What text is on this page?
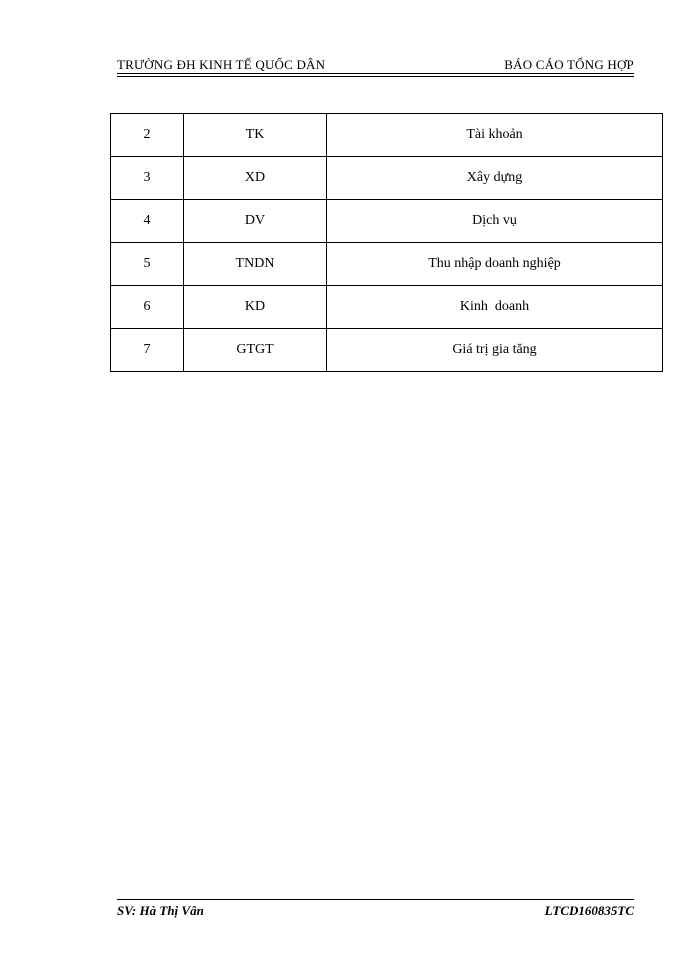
TRƯỜNG ĐH KINH TẾ QUỐC DÂN	BÁO CÁO TỔNG HỢP
2	TK	Tài khoản
3	XD	Xây dựng
4	DV	Dịch vụ
5	TNDN	Thu nhập doanh nghiệp
6	KD	Kinh  doanh
7	GTGT	Giá trị gia tăng
SV: Hà Thị Vân	LTCD160835TC
